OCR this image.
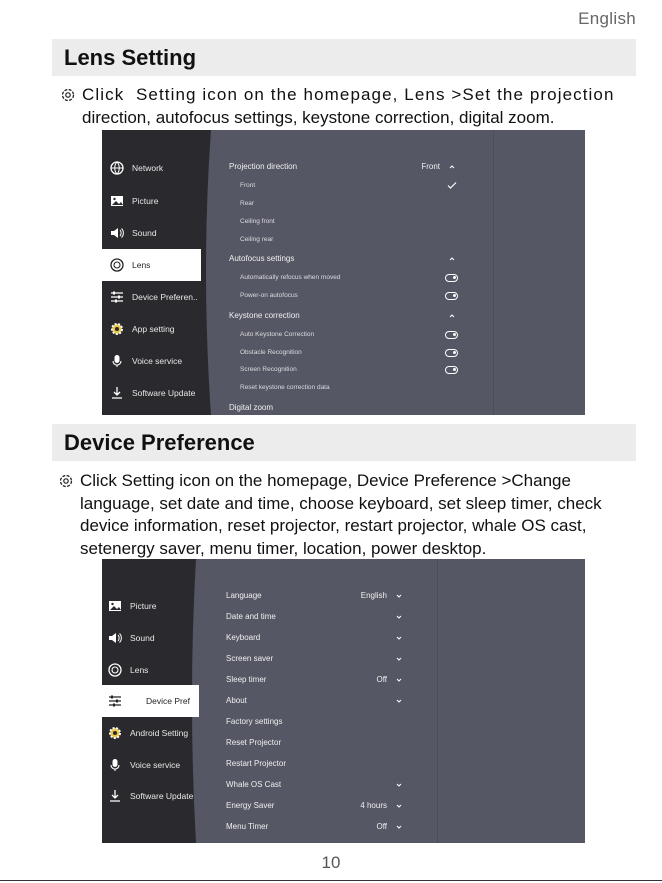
English
Lens Setting
Click  Setting icon on the homepage, Lens >Set the projection
direction, autofocus settings, keystone correction, digital zoom.
Network
Picture
Sound
Lens
Device Preferen..
App setting
Voice service
Software Update
Projection direction	Front
Front
Rear
Ceiling front
Ceiling rear
Autofocus settings
Automatically refocus when moved
Power-on autofocus
Keystone correction
Auto Keystone Correction
Obstacle Recognition
Screen Recognition
Reset keystone correction data
Digital zoom
Device Preference
Click Setting icon on the homepage, Device Preference >Change
language, set date and time, choose keyboard, set sleep timer, check
device information, reset projector, restart projector, whale OS cast,
setenergy saver, menu timer, location, power desktop.
Picture
Sound
Lens
Device Pref
Android Setting
Voice service
Software Update
Language	English
Date and time
Keyboard
Screen saver
Sleep timer	Off
About
Factory settings
Reset Projector
Restart Projector
Whale OS Cast
Energy Saver	4 hours
Menu Timer	Off
10
